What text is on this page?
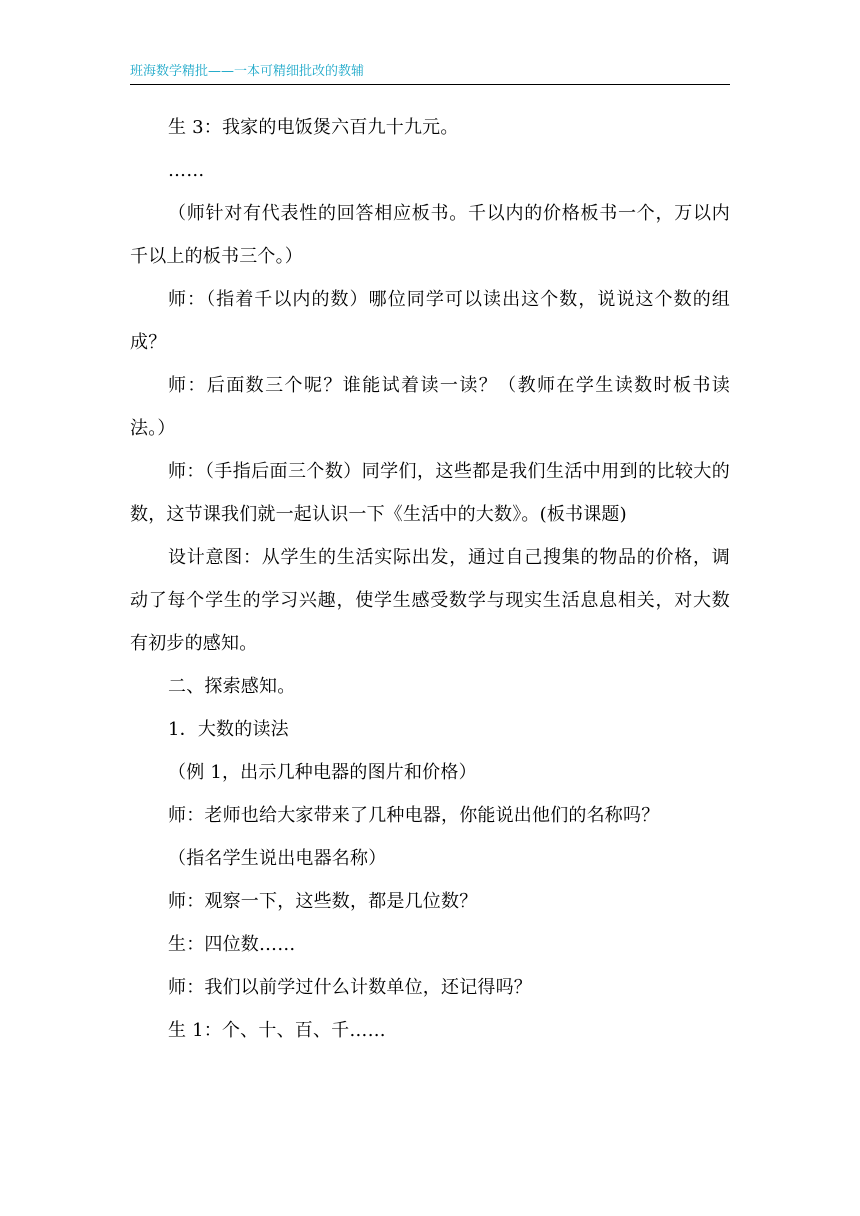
班海数学精批——一本可精细批改的教辅

生 3：我家的电饭煲六百九十九元。

……

（师针对有代表性的回答相应板书。千以内的价格板书一个，万以内千以上的板书三个。）

师：（指着千以内的数）哪位同学可以读出这个数，说说这个数的组成？

师：后面数三个呢？谁能试着读一读？（教师在学生读数时板书读法。）

师：（手指后面三个数）同学们，这些都是我们生活中用到的比较大的数，这节课我们就一起认识一下《生活中的大数》。(板书课题)

设计意图：从学生的生活实际出发，通过自己搜集的物品的价格，调动了每个学生的学习兴趣，使学生感受数学与现实生活息息相关，对大数有初步的感知。

二、探索感知。

1．大数的读法

（例 1，出示几种电器的图片和价格）

师：老师也给大家带来了几种电器，你能说出他们的名称吗？

（指名学生说出电器名称）

师：观察一下，这些数，都是几位数？

生：四位数……

师：我们以前学过什么计数单位，还记得吗？

生 1：个、十、百、千……
